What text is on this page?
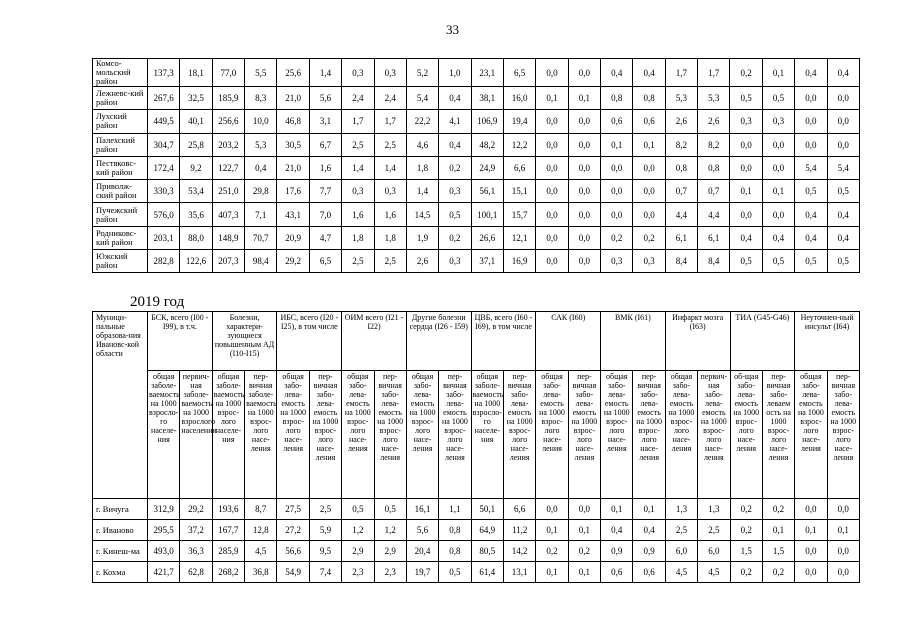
33
Комсо-мольский район	137,3	18,1	77,0	5,5	25,6	1,4	0,3	0,3	5,2	1,0	23,1	6,5	0,0	0,0	0,4	0,4	1,7	1,7	0,2	0,1	0,4	0,4
Лежневс-кий район	267,6	32,5	185,9	8,3	21,0	5,6	2,4	2,4	5,4	0,4	38,1	16,0	0,1	0,1	0,8	0,8	5,3	5,3	0,5	0,5	0,0	0,0
Лухский район	449,5	40,1	256,6	10,0	46,8	3,1	1,7	1,7	22,2	4,1	106,9	19,4	0,0	0,0	0,6	0,6	2,6	2,6	0,3	0,3	0,0	0,0
Палехский район	304,7	25,8	203,2	5,3	30,5	6,7	2,5	2,5	4,6	0,4	48,2	12,2	0,0	0,0	0,1	0,1	8,2	8,2	0,0	0,0	0,0	0,0
Пестяковс-кий район	172,4	9,2	122,7	0,4	21,0	1,6	1,4	1,4	1,8	0,2	24,9	6,6	0,0	0,0	0,0	0,0	0,8	0,8	0,0	0,0	5,4	5,4
Приволж-ский район	330,3	53,4	251,0	29,8	17,6	7,7	0,3	0,3	1,4	0,3	56,1	15,1	0,0	0,0	0,0	0,0	0,7	0,7	0,1	0,1	0,5	0,5
Пучежский район	576,0	35,6	407,3	7,1	43,1	7,0	1,6	1,6	14,5	0,5	100,1	15,7	0,0	0,0	0,0	0,0	4,4	4,4	0,0	0,0	0,4	0,4
Родниковс-кий район	203,1	88,0	148,9	70,7	20,9	4,7	1,8	1,8	1,9	0,2	26,6	12,1	0,0	0,0	0,2	0,2	6,1	6,1	0,4	0,4	0,4	0,4
Южский район	282,8	122,6	207,3	98,4	29,2	6,5	2,5	2,5	2,6	0,3	37,1	16,9	0,0	0,0	0,3	0,3	8,4	8,4	0,5	0,5	0,5	0,5
2019 год
Муници-пальные образова-ния Ивановс-кой области	БСК, всего (I00 - I99), в т.ч.		Болезни, характери-зующиеся повышенным АД (I10-I15)		ИБС, всего (I20 - I25), в том числе		ОИМ всего (I21 - I22)		Другие болезни сердца (I26 - I59)		ЦВБ, всего (I60 - I69), в том числе		САК (I60)		ВМК (I61)		Инфаркт мозга (I63)		ТИА (G45-G46)		Неуточнен-ный инсульт (I64)	
	общая заболе-ваемость на 1000 взросло-го населе-ния	первич-ная заболе-ваемость на 1000 взрослого населения	общая заболе-ваемость на 1000 взрос-лого населе-ния	пер-вичная заболе-ваемость на 1000 взрос-лого насе-ления	общая забо-лева-емость на 1000 взрос-лого насе-ления	пер-вичная забо-лева-емость на 1000 взрос-лого насе-ления	общая забо-лева-емость на 1000 взрос-лого насе-ления	пер-вичная забо-лева-емость на 1000 взрос-лого насе-ления	общая забо-лева-емость на 1000 взрос-лого насе-ления	пер-вичная забо-лева-емость на 1000 взрос-лого насе-ления	общая заболе-ваемость на 1000 взросло-го населе-ния	пер-вичная забо-лева-емость на 1000 взрос-лого насе-ления	общая забо-лева-емость на 1000 взрос-лого насе-ления	пер-вичная забо-лева-емость на 1000 взрос-лого насе-ления	общая забо-лева-емость на 1000 взрос-лого насе-ления	пер-вичная забо-лева-емость на 1000 взрос-лого насе-ления	общая забо-лева-емость на 1000 взрос-лого насе-ления	первич-ная забо-лева-емость на 1000 взрос-лого насе-ления	об-щая забо-лева-емость на 1000 взрос-лого насе-ления	пер-вичная забо-леваем ость на 1000 взрос-лого насе-ления	общая забо-лева-емость на 1000 взрос-лого насе-ления	пер-вичная забо-лева-емость на 1000 взрос-лого насе-ления
г. Вичуга	312,9	29,2	193,6	8,7	27,5	2,5	0,5	0,5	16,1	1,1	50,1	6,6	0,0	0,0	0,1	0,1	1,3	1,3	0,2	0,2	0,0	0,0
г. Иваново	295,5	37,2	167,7	12,8	27,2	5,9	1,2	1,2	5,6	0,8	64,9	11,2	0,1	0,1	0,4	0,4	2,5	2,5	0,2	0,1	0,1	0,1
г. Кинеш-ма	493,0	36,3	285,9	4,5	56,6	9,5	2,9	2,9	20,4	0,8	80,5	14,2	0,2	0,2	0,9	0,9	6,0	6,0	1,5	1,5	0,0	0,0
г. Кохма	421,7	62,8	268,2	36,8	54,9	7,4	2,3	2,3	19,7	0,5	61,4	13,1	0,1	0,1	0,6	0,6	4,5	4,5	0,2	0,2	0,0	0,0
